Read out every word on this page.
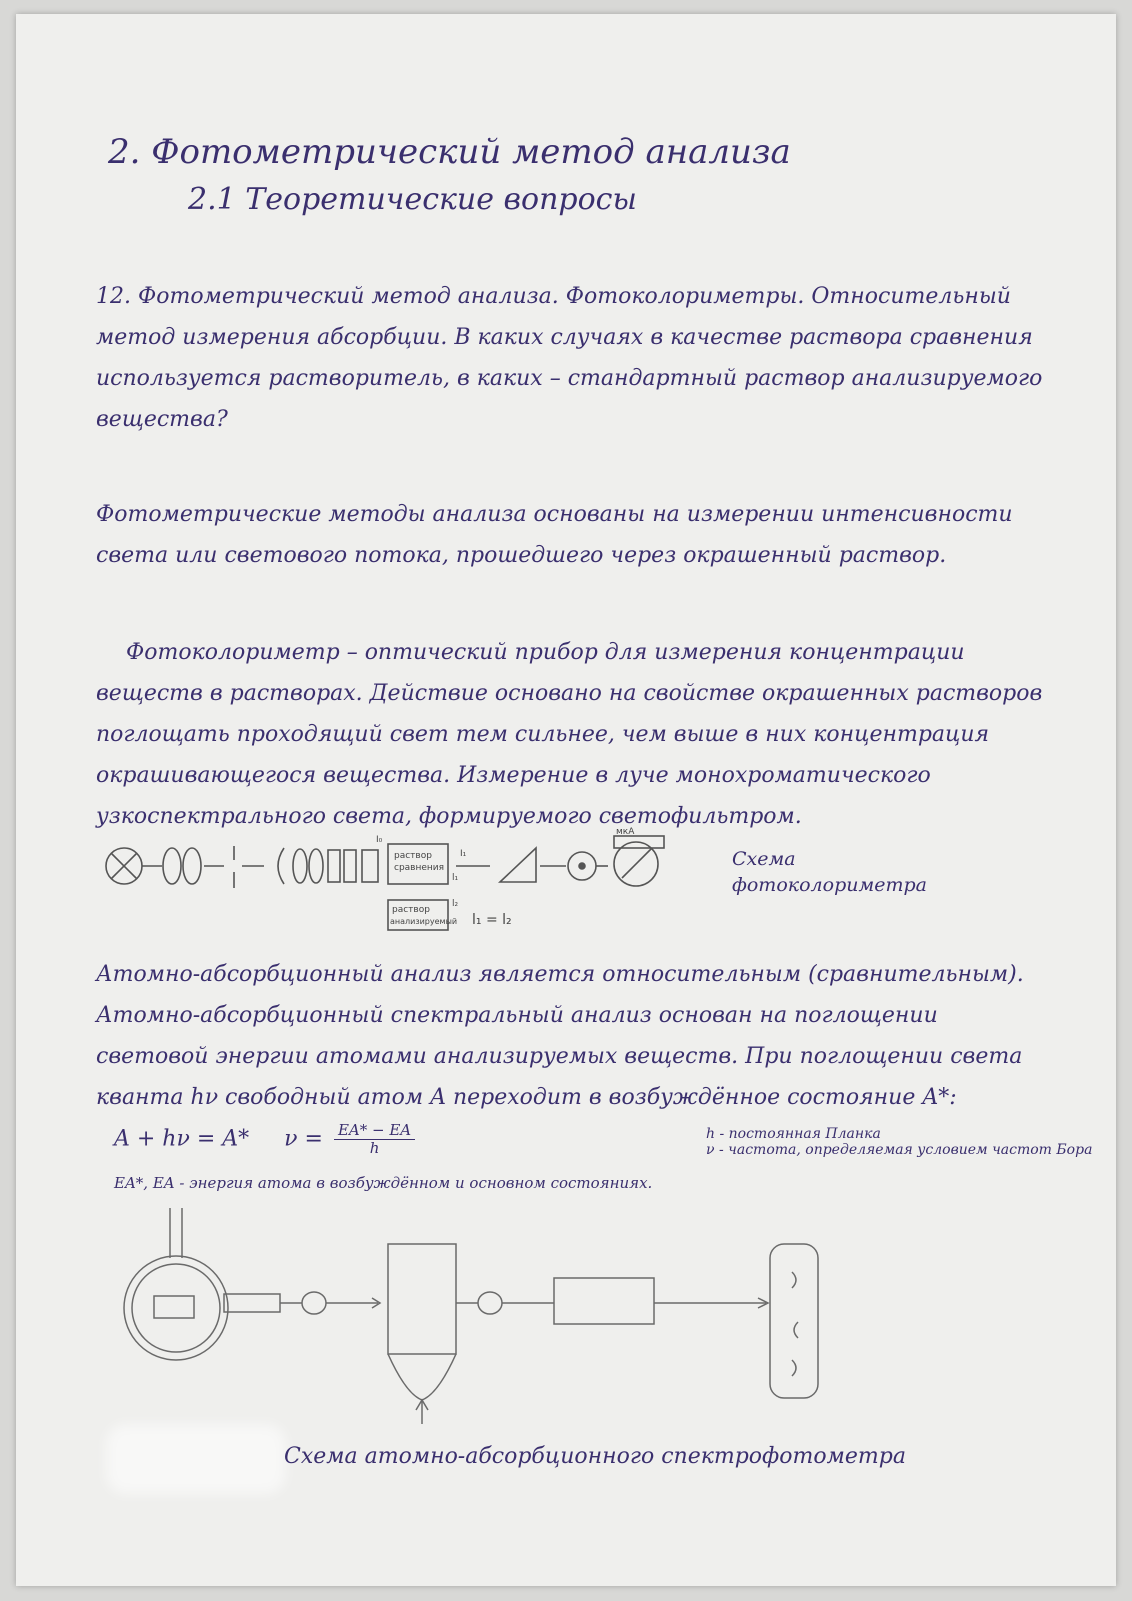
2. Фотометрический метод анализа
2.1 Теоретические вопросы

12. Фотометрический метод анализа. Фотоколориметры. Относительный метод измерения абсорбции. В каких случаях в качестве раствора сравнения используется растворитель, в каких – стандартный раствор анализируемого вещества?

Фотометрические методы анализа основаны на измерении интенсивности света или светового потока, прошедшего через окрашенный раствор.

Фотоколориметр – оптический прибор для измерения концентрации веществ в растворах. Действие основано на свойстве окрашенных растворов поглощать проходящий свет тем сильнее, чем выше в них концентрация окрашивающегося вещества. Измерение в луче монохроматического узкоспектрального света, формируемого светофильтром.

I₀
I₁
раствор
сравнения
l₁
раствор
анализируемый
l₂
l₁ = l₂
мкА
Схема
фотоколориметра

Атомно-абсорбционный анализ является относительным (сравнительным). Атомно-абсорбционный спектральный анализ основан на поглощении световой энергии атомами анализируемых веществ. При поглощении света кванта hν свободный атом A переходит в возбуждённое состояние A*:

A + hν = A* $\nu = \frac{EA* - EA}{h}$	h - постоянная Планка
ν - частота, определяемая условием частот Бора
EA*, EA - энергия атома в возбуждённом и основном состояниях.
Схема атомно-абсорбционного спектрофотометра
